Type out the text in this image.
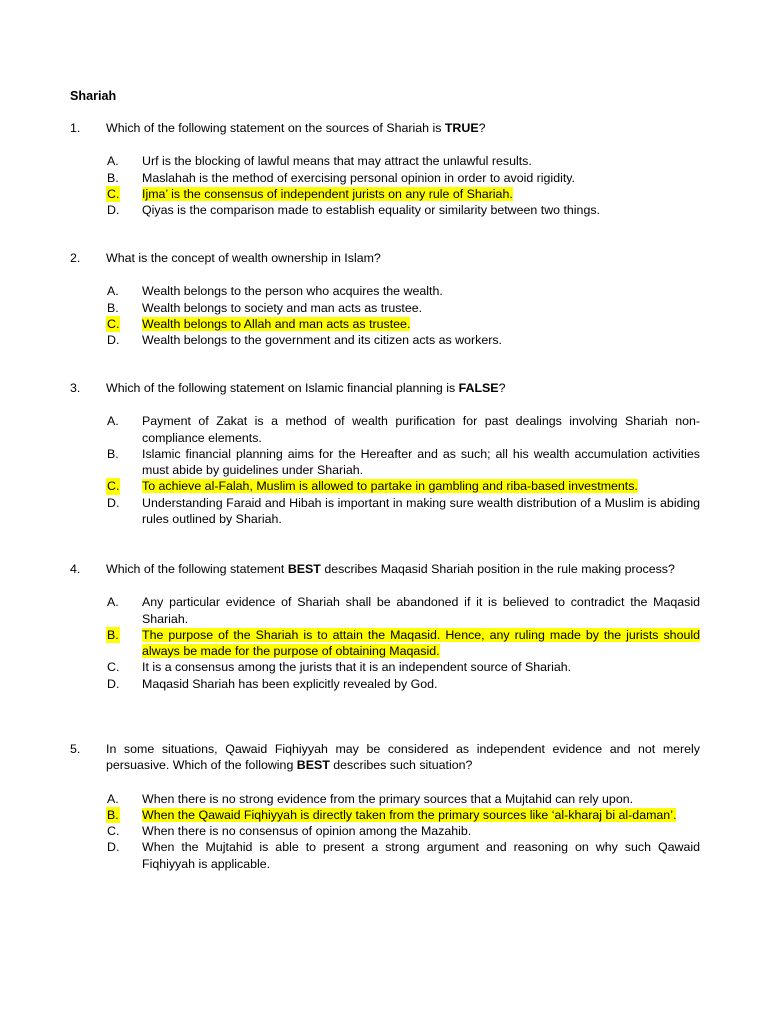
Shariah
1.	Which of the following statement on the sources of Shariah is TRUE?
A. Urf is the blocking of lawful means that may attract the unlawful results.
B. Maslahah is the method of exercising personal opinion in order to avoid rigidity.
C. Ijma’ is the consensus of independent jurists on any rule of Shariah.
D. Qiyas is the comparison made to establish equality or similarity between two things.
2.	What is the concept of wealth ownership in Islam?
A. Wealth belongs to the person who acquires the wealth.
B. Wealth belongs to society and man acts as trustee.
C. Wealth belongs to Allah and man acts as trustee.
D. Wealth belongs to the government and its citizen acts as workers.
3.	Which of the following statement on Islamic financial planning is FALSE?
A. Payment of Zakat is a method of wealth purification for past dealings involving Shariah non-compliance elements.
B. Islamic financial planning aims for the Hereafter and as such; all his wealth accumulation activities must abide by guidelines under Shariah.
C. To achieve al-Falah, Muslim is allowed to partake in gambling and riba-based investments.
D. Understanding Faraid and Hibah is important in making sure wealth distribution of a Muslim is abiding rules outlined by Shariah.
4.	Which of the following statement BEST describes Maqasid Shariah position in the rule making process?
A. Any particular evidence of Shariah shall be abandoned if it is believed to contradict the Maqasid Shariah.
B. The purpose of the Shariah is to attain the Maqasid. Hence, any ruling made by the jurists should always be made for the purpose of obtaining Maqasid.
C. It is a consensus among the jurists that it is an independent source of Shariah.
D. Maqasid Shariah has been explicitly revealed by God.
5.	In some situations, Qawaid Fiqhiyyah may be considered as independent evidence and not merely persuasive. Which of the following BEST describes such situation?
A. When there is no strong evidence from the primary sources that a Mujtahid can rely upon.
B. When the Qawaid Fiqhiyyah is directly taken from the primary sources like ‘al-kharaj bi al-daman’.
C. When there is no consensus of opinion among the Mazahib.
D. When the Mujtahid is able to present a strong argument and reasoning on why such Qawaid Fiqhiyyah is applicable.
